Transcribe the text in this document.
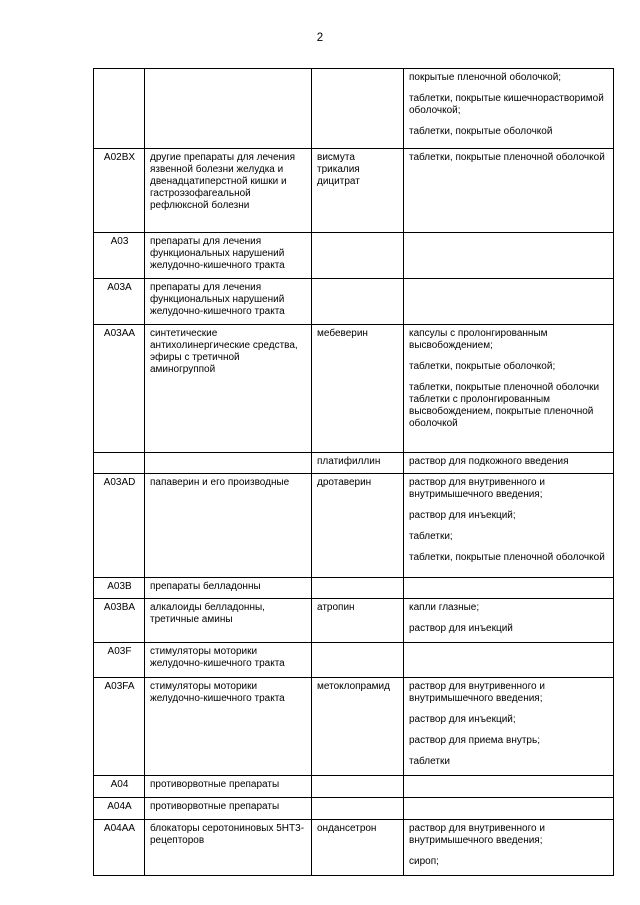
2

			покрытые пленочной оболочкой;
таблетки, покрытые кишечнорастворимой оболочкой;
таблетки, покрытые оболочкой

A02BX	другие препараты для лечения язвенной болезни желудка и двенадцатиперстной кишки и гастроэзофагеальной рефлюксной болезни	висмута трикалия дицитрат	таблетки, покрытые пленочной оболочкой

A03	препараты для лечения функциональных нарушений желудочно-кишечного тракта		
A03A	препараты для лечения функциональных нарушений желудочно-кишечного тракта		
A03AA	синтетические антихолинергические средства, эфиры с третичной аминогруппой	мебеверин	капсулы с пролонгированным высвобождением;
таблетки, покрытые оболочкой;
таблетки, покрытые пленочной оболочки
таблетки с пролонгированным высвобождением, покрытые пленочной оболочкой

		платифиллин	раствор для подкожного введения

A03AD	папаверин и его производные	дротаверин	раствор для внутривенного и внутримышечного введения;
раствор для инъекций;
таблетки;
таблетки, покрытые пленочной оболочкой

A03B	препараты белладонны		
A03BA	алкалоиды белладонны, третичные амины	атропин	капли глазные;
раствор для инъекций

A03F	стимуляторы моторики желудочно-кишечного тракта		
A03FA	стимуляторы моторики желудочно-кишечного тракта	метоклопрамид	раствор для внутривенного и внутримышечного введения;
раствор для инъекций;
раствор для приема внутрь;
таблетки

A04	противорвотные препараты		
A04A	противорвотные препараты		
A04AA	блокаторы серотониновых 5HT3-рецепторов	ондансетрон	раствор для внутривенного и внутримышечного введения;
сироп;
